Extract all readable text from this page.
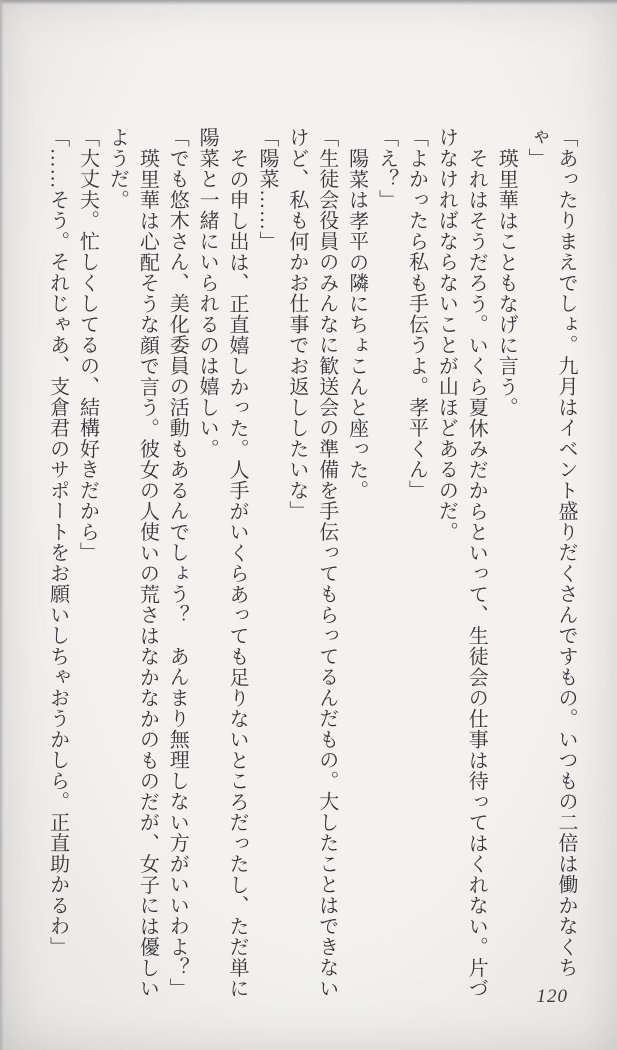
「あったりまえでしょ。九月はイベント盛りだくさんですもの。いつもの二倍は働かなくちゃ」

瑛里華はこともなげに言う。

それはそうだろう。いくら夏休みだからといって、生徒会の仕事は待ってはくれない。片づ

けなければならないことが山ほどあるのだ。

「よかったら私も手伝うよ。孝平くん」

「え？」

陽菜は孝平の隣にちょこんと座った。

「生徒会役員のみんなに歓送会の準備を手伝ってもらってるんだもの。大したことはできない

けど、私も何かお仕事でお返ししたいな」

「陽菜……」

その申し出は、正直嬉しかった。人手がいくらあっても足りないところだったし、ただ単に

陽菜と一緒にいられるのは嬉しい。

「でも悠木さん、美化委員の活動もあるんでしょう？　あんまり無理しない方がいいわよ？」

瑛里華は心配そうな顔で言う。彼女の人使いの荒さはなかなかのものだが、女子には優しい

ようだ。

「大丈夫。忙しくしてるの、結構好きだから」

「……そう。それじゃあ、支倉君のサポートをお願いしちゃおうかしら。正直助かるわ」

120
